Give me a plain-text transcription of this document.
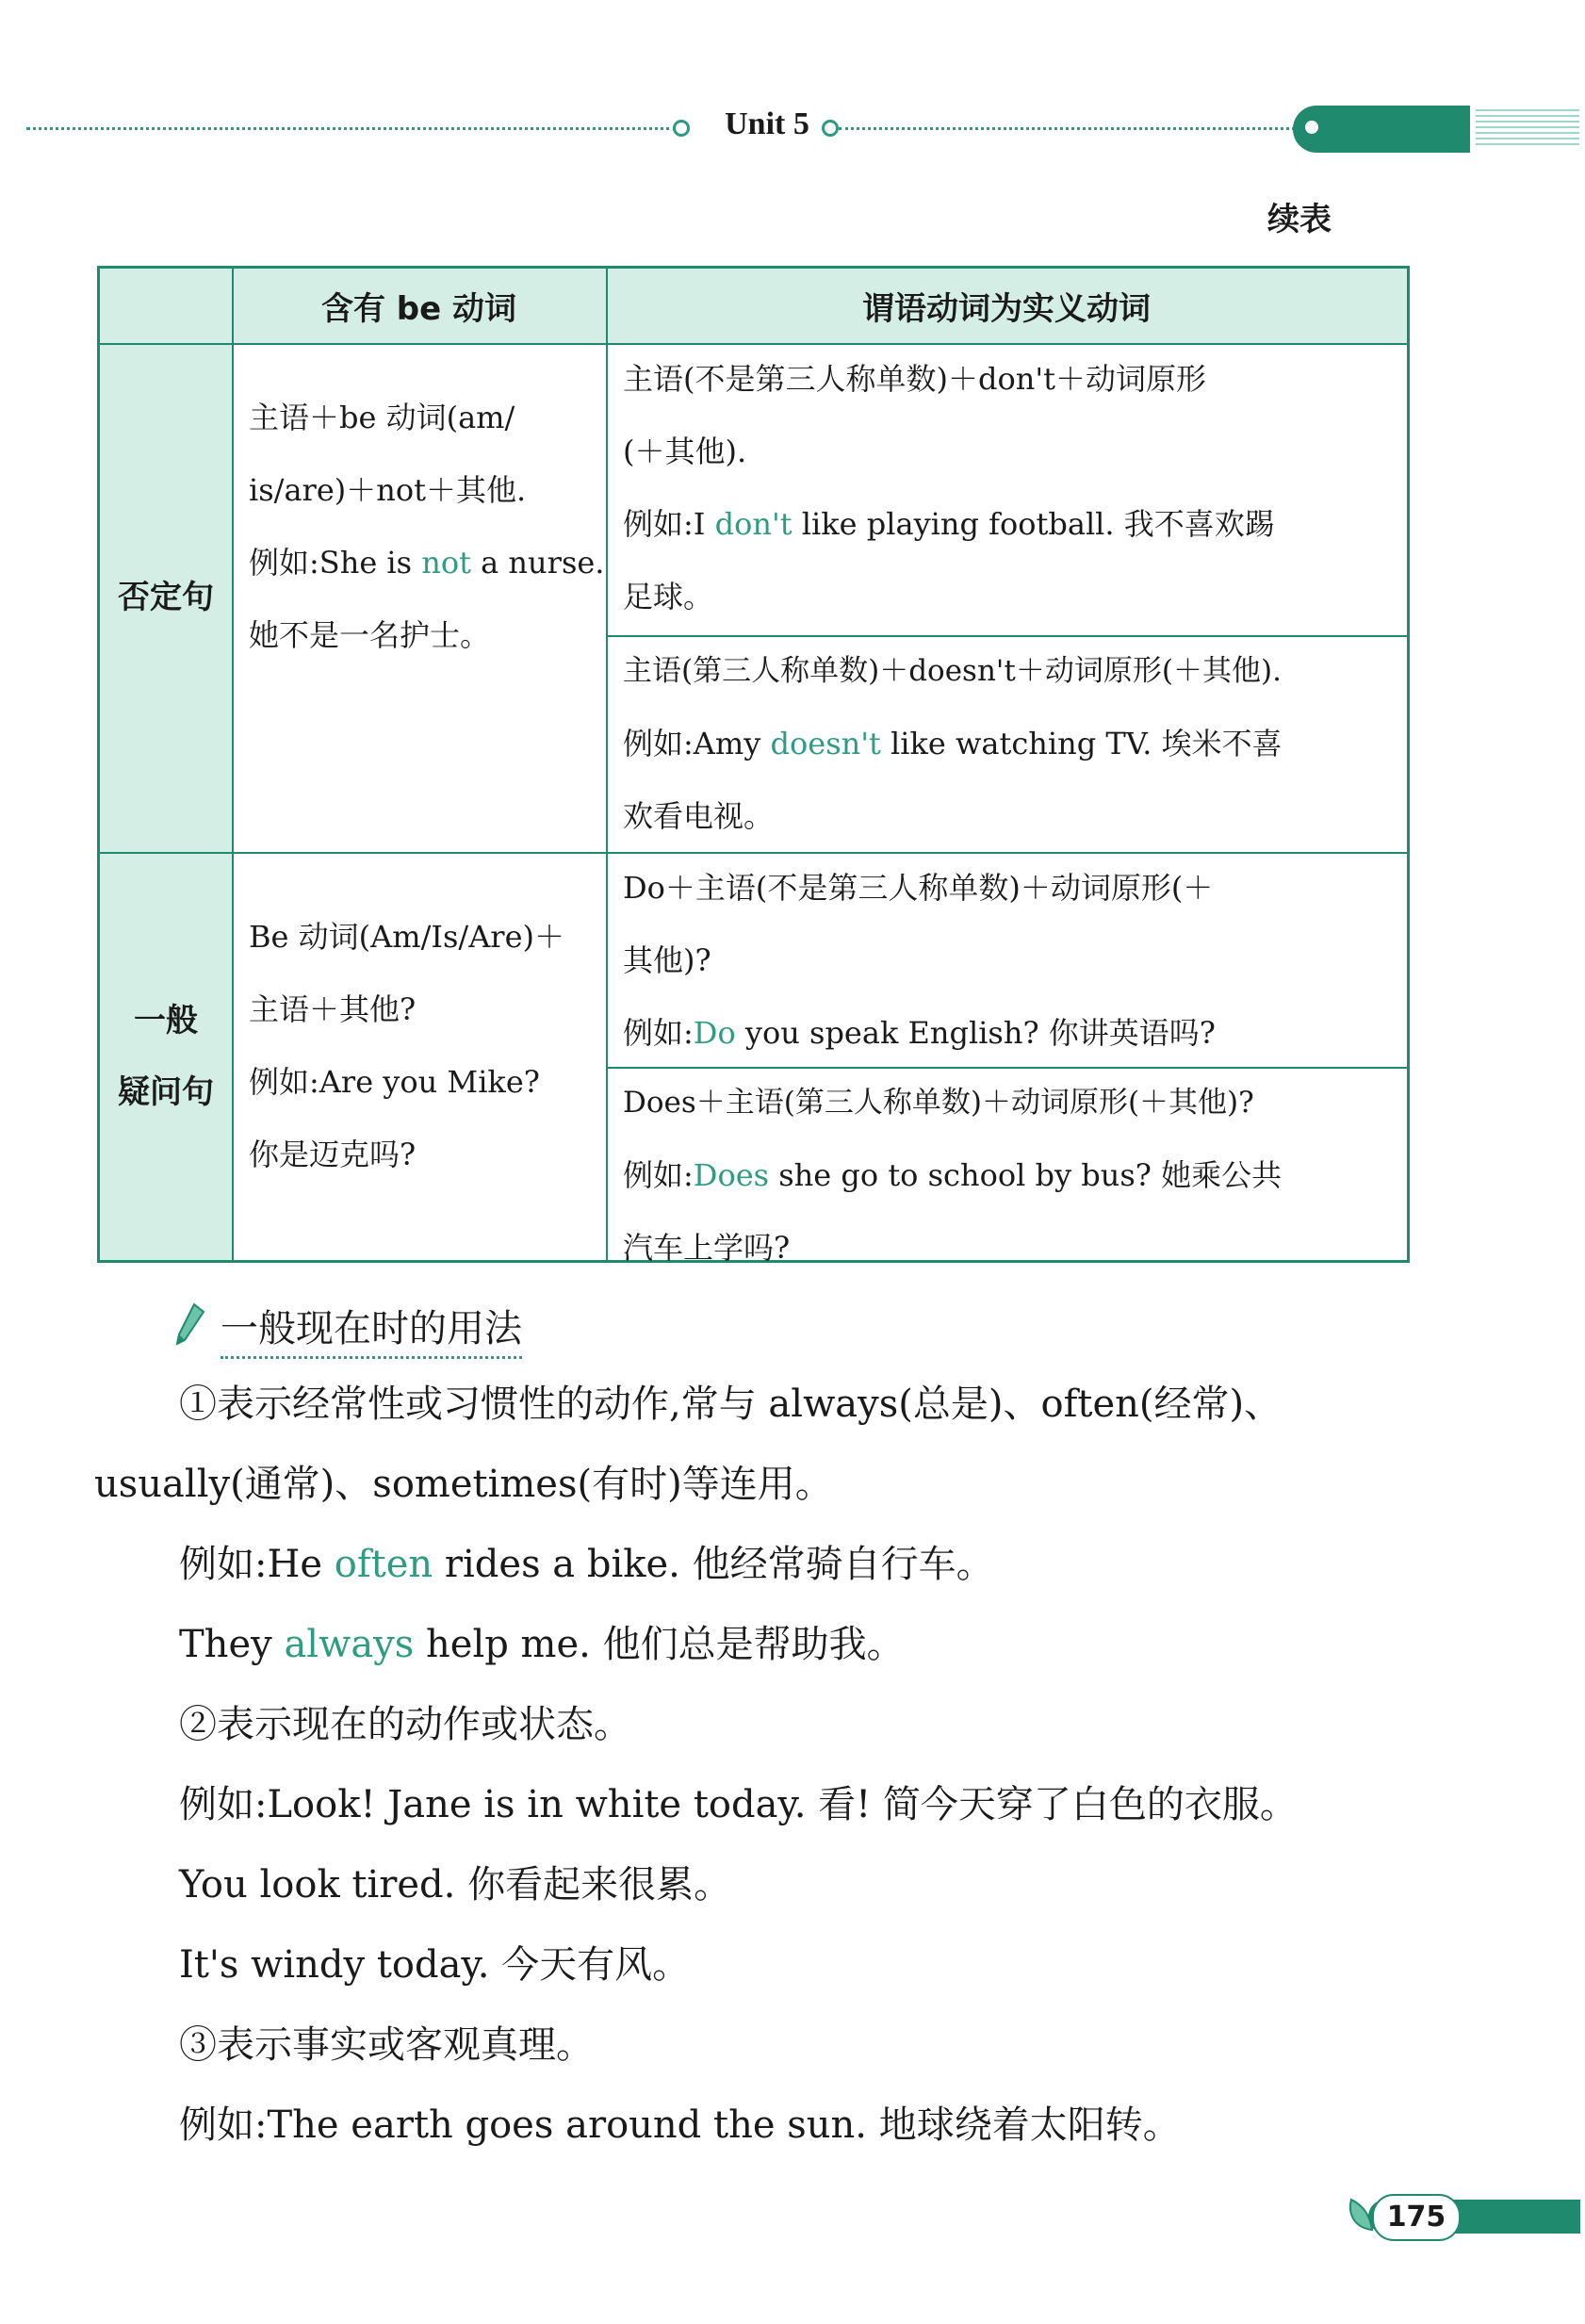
Unit 5
续表
含有 be 动词	谓语动词为实义动词
否定句
一般
疑问句
主语＋be 动词(am/
is/are)＋not＋其他.
例如:She is not a nurse.
她不是一名护士。
主语(不是第三人称单数)＋don't＋动词原形
(＋其他).
例如:I don't like playing football. 我不喜欢踢
足球。
主语(第三人称单数)＋doesn't＋动词原形(＋其他).
例如:Amy doesn't like watching TV. 埃米不喜
欢看电视。
Be 动词(Am/Is/Are)＋
主语＋其他?
例如:Are you Mike?
你是迈克吗?
Do＋主语(不是第三人称单数)＋动词原形(＋
其他)?
例如:Do you speak English? 你讲英语吗?
Does＋主语(第三人称单数)＋动词原形(＋其他)?
例如:Does she go to school by bus? 她乘公共
汽车上学吗?
一般现在时的用法
①表示经常性或习惯性的动作,常与 always(总是)、often(经常)、
usually(通常)、sometimes(有时)等连用。
例如:He often rides a bike. 他经常骑自行车。
They always help me. 他们总是帮助我。
②表示现在的动作或状态。
例如:Look! Jane is in white today. 看! 简今天穿了白色的衣服。
You look tired. 你看起来很累。
It's windy today. 今天有风。
③表示事实或客观真理。
例如:The earth goes around the sun. 地球绕着太阳转。
175
